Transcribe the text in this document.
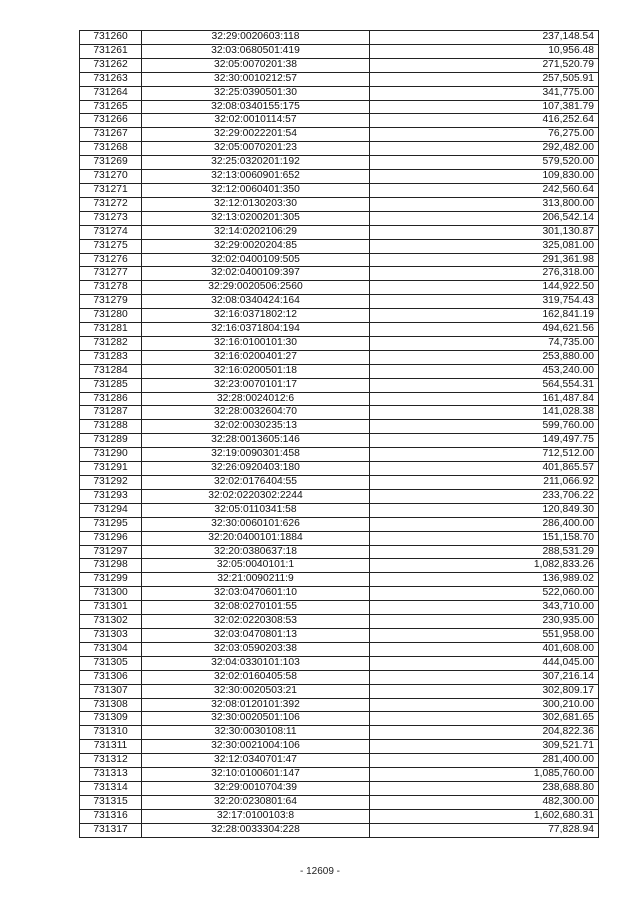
731260	32:29:0020603:118	237,148.54
731261	32:03:0680501:419	10,956.48
731262	32:05:0070201:38	271,520.79
731263	32:30:0010212:57	257,505.91
731264	32:25:0390501:30	341,775.00
731265	32:08:0340155:175	107,381.79
731266	32:02:0010114:57	416,252.64
731267	32:29:0022201:54	76,275.00
731268	32:05:0070201:23	292,482.00
731269	32:25:0320201:192	579,520.00
731270	32:13:0060901:652	109,830.00
731271	32:12:0060401:350	242,560.64
731272	32:12:0130203:30	313,800.00
731273	32:13:0200201:305	206,542.14
731274	32:14:0202106:29	301,130.87
731275	32:29:0020204:85	325,081.00
731276	32:02:0400109:505	291,361.98
731277	32:02:0400109:397	276,318.00
731278	32:29:0020506:2560	144,922.50
731279	32:08:0340424:164	319,754.43
731280	32:16:0371802:12	162,841.19
731281	32:16:0371804:194	494,621.56
731282	32:16:0100101:30	74,735.00
731283	32:16:0200401:27	253,880.00
731284	32:16:0200501:18	453,240.00
731285	32:23:0070101:17	564,554.31
731286	32:28:0024012:6	161,487.84
731287	32:28:0032604:70	141,028.38
731288	32:02:0030235:13	599,760.00
731289	32:28:0013605:146	149,497.75
731290	32:19:0090301:458	712,512.00
731291	32:26:0920403:180	401,865.57
731292	32:02:0176404:55	211,066.92
731293	32:02:0220302:2244	233,706.22
731294	32:05:0110341:58	120,849.30
731295	32:30:0060101:626	286,400.00
731296	32:20:0400101:1884	151,158.70
731297	32:20:0380637:18	288,531.29
731298	32:05:0040101:1	1,082,833.26
731299	32:21:0090211:9	136,989.02
731300	32:03:0470601:10	522,060.00
731301	32:08:0270101:55	343,710.00
731302	32:02:0220308:53	230,935.00
731303	32:03:0470801:13	551,958.00
731304	32:03:0590203:38	401,608.00
731305	32:04:0330101:103	444,045.00
731306	32:02:0160405:58	307,216.14
731307	32:30:0020503:21	302,809.17
731308	32:08:0120101:392	300,210.00
731309	32:30:0020501:106	302,681.65
731310	32:30:0030108:11	204,822.36
731311	32:30:0021004:106	309,521.71
731312	32:12:0340701:47	281,400.00
731313	32:10:0100601:147	1,085,760.00
731314	32:29:0010704:39	238,688.80
731315	32:20:0230801:64	482,300.00
731316	32:17:0100103:8	1,602,680.31
731317	32:28:0033304:228	77,828.94
- 12609 -
